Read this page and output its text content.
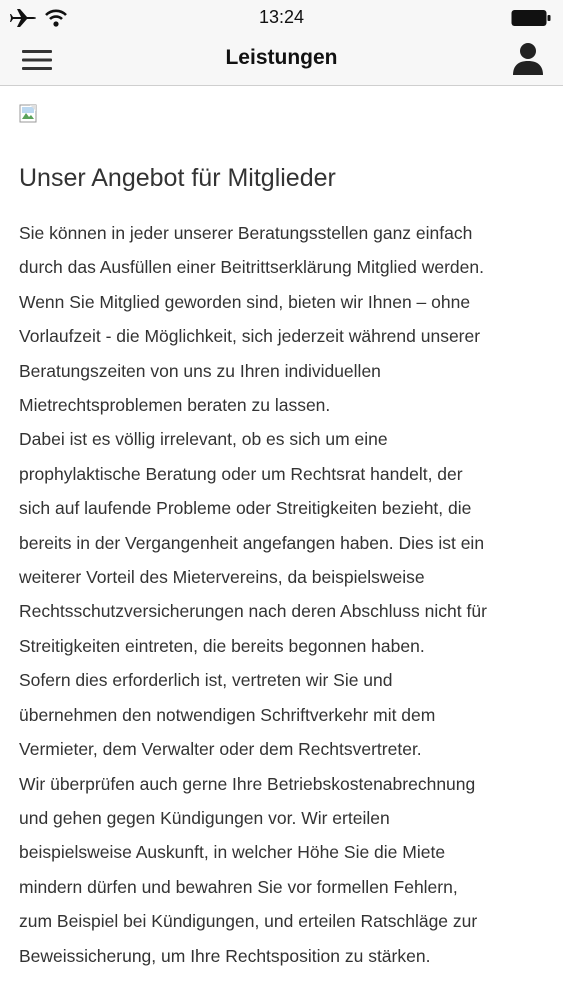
13:24
Leistungen
Unser Angebot für Mitglieder
Sie können in jeder unserer Beratungsstellen ganz einfach
durch das Ausfüllen einer Beitrittserklärung Mitglied werden.
Wenn Sie Mitglied geworden sind, bieten wir Ihnen – ohne
Vorlaufzeit - die Möglichkeit, sich jederzeit während unserer
Beratungszeiten von uns zu Ihren individuellen
Mietrechtsproblemen beraten zu lassen.
Dabei ist es völlig irrelevant, ob es sich um eine
prophylaktische Beratung oder um Rechtsrat handelt, der
sich auf laufende Probleme oder Streitigkeiten bezieht, die
bereits in der Vergangenheit angefangen haben. Dies ist ein
weiterer Vorteil des Mietervereins, da beispielsweise
Rechtsschutzversicherungen nach deren Abschluss nicht für
Streitigkeiten eintreten, die bereits begonnen haben.
Sofern dies erforderlich ist, vertreten wir Sie und
übernehmen den notwendigen Schriftverkehr mit dem
Vermieter, dem Verwalter oder dem Rechtsvertreter.
Wir überprüfen auch gerne Ihre Betriebskostenabrechnung
und gehen gegen Kündigungen vor. Wir erteilen
beispielsweise Auskunft, in welcher Höhe Sie die Miete
mindern dürfen und bewahren Sie vor formellen Fehlern,
zum Beispiel bei Kündigungen, und erteilen Ratschläge zur
Beweissicherung, um Ihre Rechtsposition zu stärken.
